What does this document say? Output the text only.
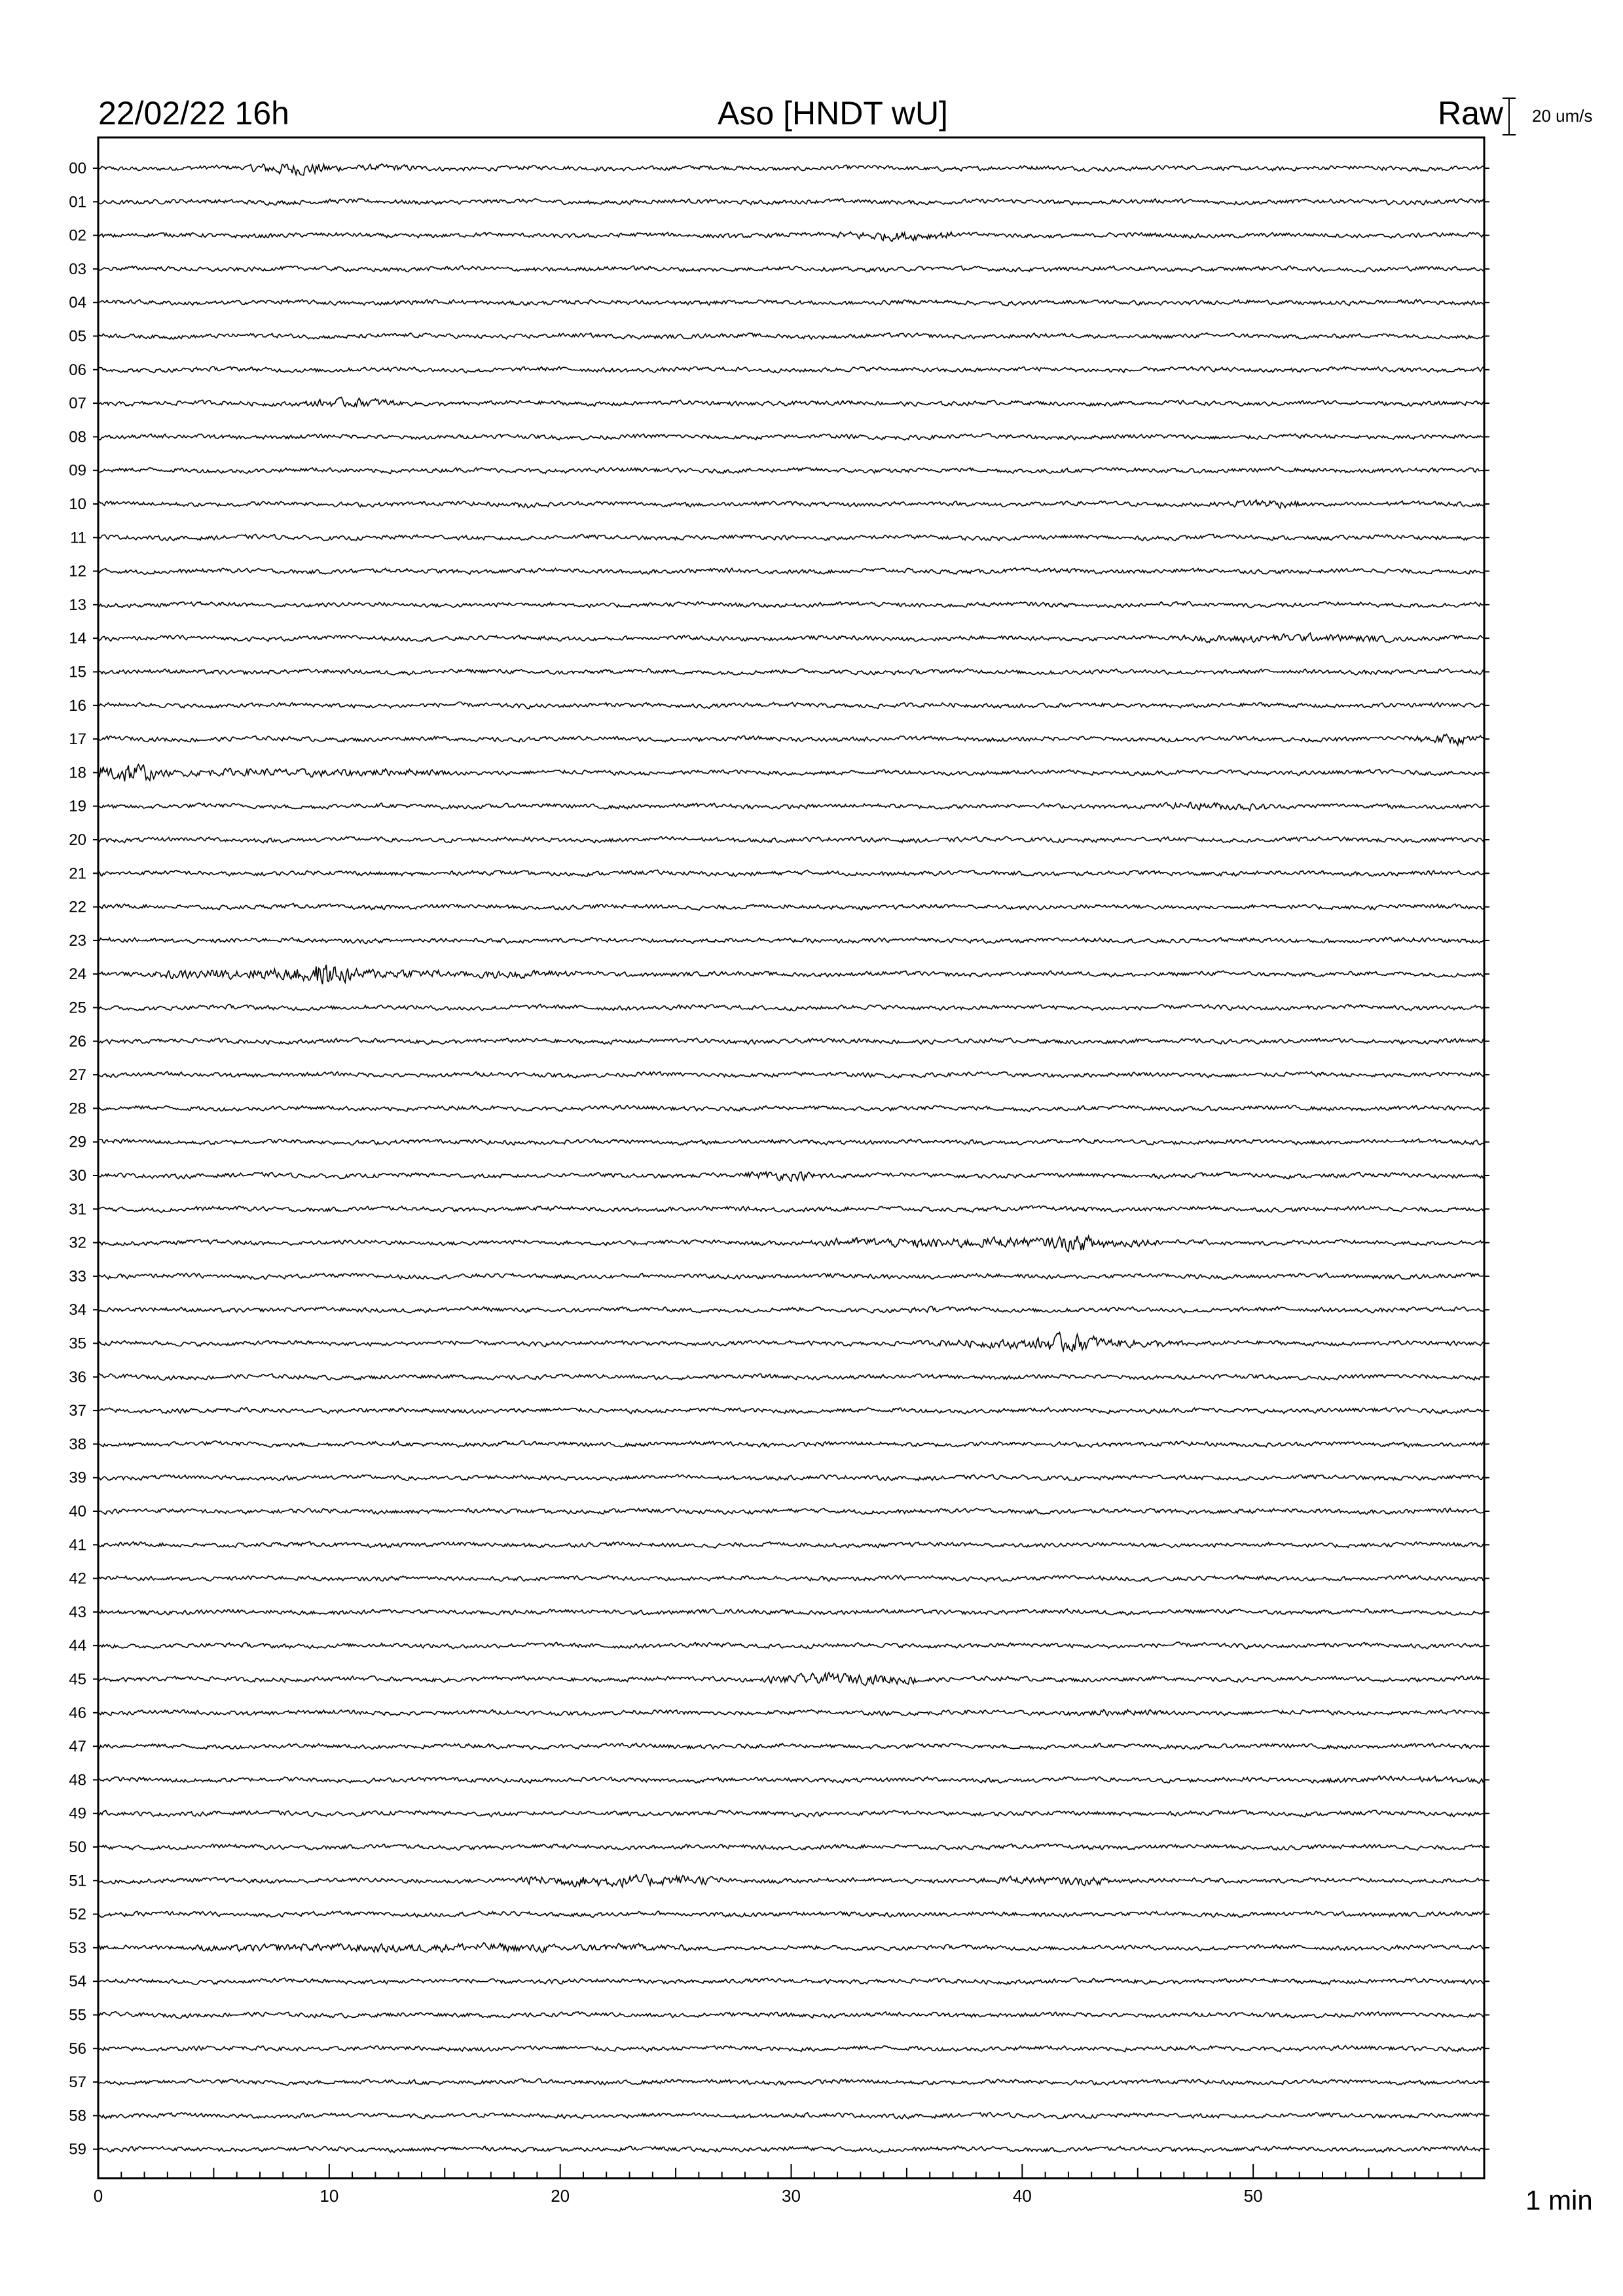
22/02/22 16h	Aso [HNDT wU]	Raw 20 um/s
1 min
00
01
02
03
04
05
06
07
08
09
10
11
12
13
14
15
16
17
18
19
20
21
22
23
24
25
26
27
28
29
30
31
32
33
34
35
36
37
38
39
40
41
42
43
44
45
46
47
48
49
50
51
52
53
54
55
56
57
58
59
0	10	20	30	40	50
